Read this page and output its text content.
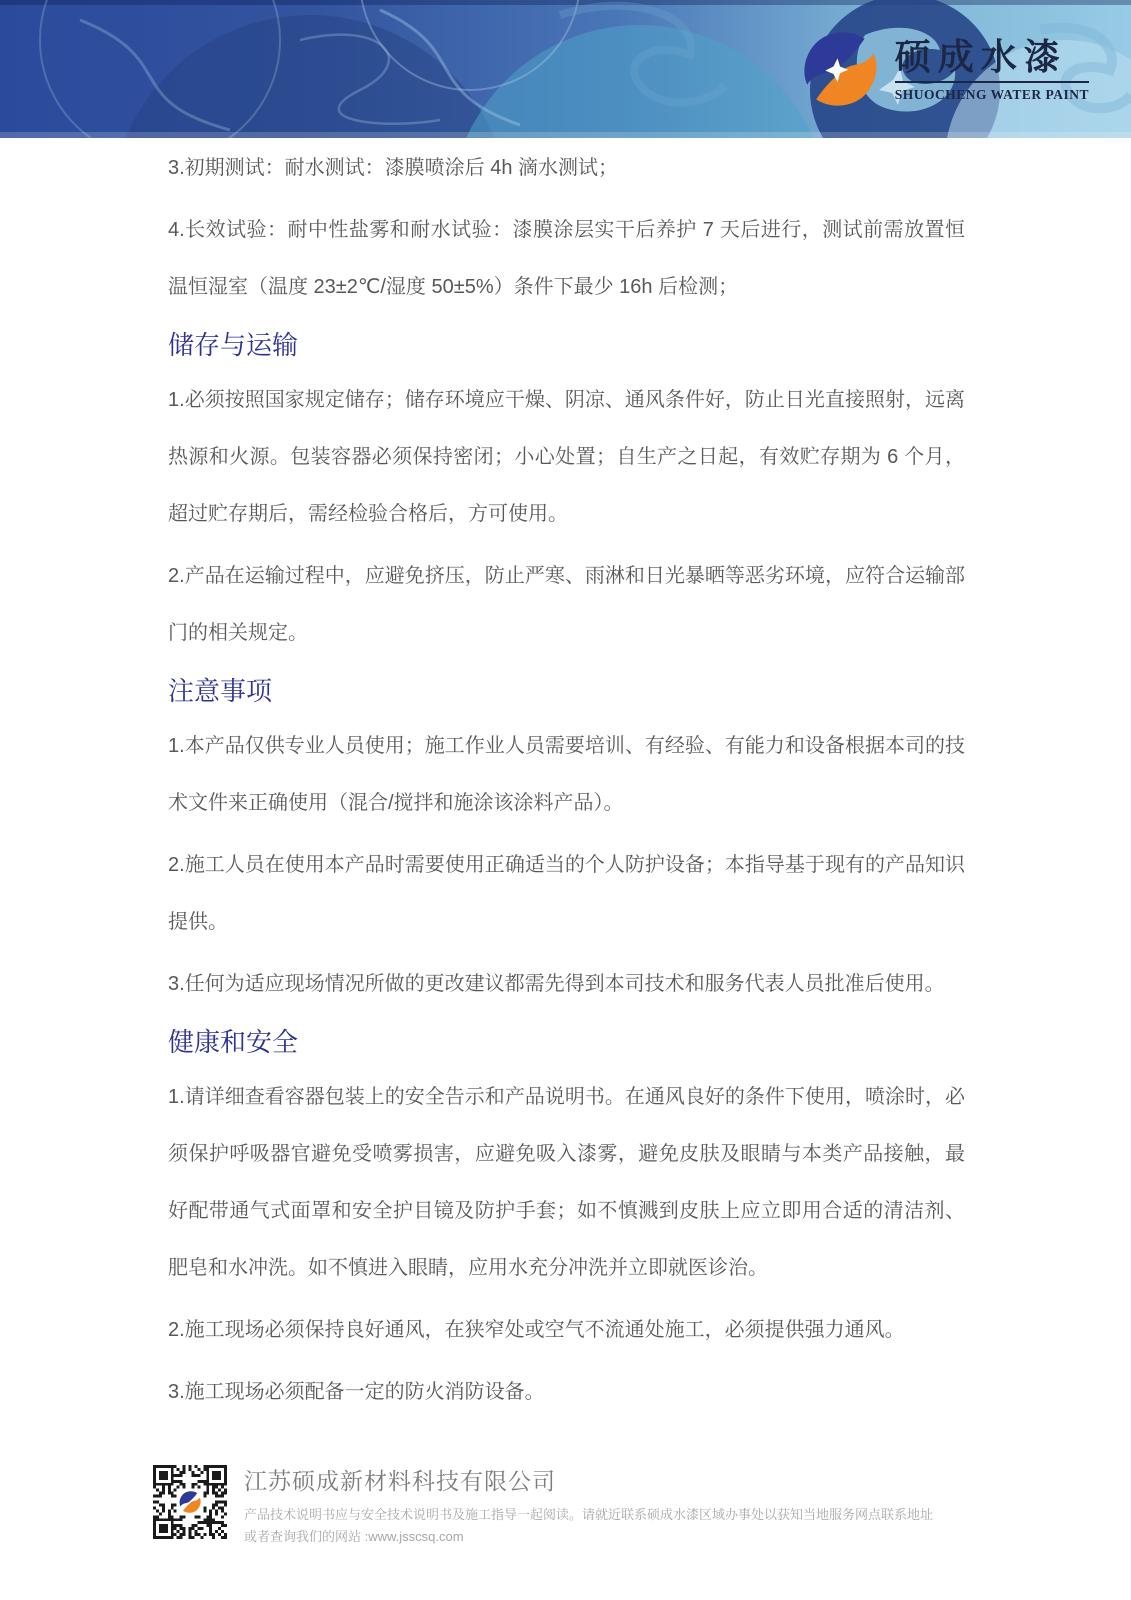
硕成水漆
SHUOCHENG WATER PAINT

3.初期测试：耐水测试：漆膜喷涂后 4h 滴水测试；

4.长效试验：耐中性盐雾和耐水试验：漆膜涂层实干后养护 7 天后进行，测试前需放置恒温恒湿室（温度 23±2℃/湿度 50±5%）条件下最少 16h 后检测；

储存与运输

1.必须按照国家规定储存；储存环境应干燥、阴凉、通风条件好，防止日光直接照射，远离热源和火源。包装容器必须保持密闭；小心处置；自生产之日起，有效贮存期为 6 个月，超过贮存期后，需经检验合格后，方可使用。

2.产品在运输过程中，应避免挤压，防止严寒、雨淋和日光暴晒等恶劣环境，应符合运输部门的相关规定。

注意事项

1.本产品仅供专业人员使用；施工作业人员需要培训、有经验、有能力和设备根据本司的技术文件来正确使用（混合/搅拌和施涂该涂料产品）。

2.施工人员在使用本产品时需要使用正确适当的个人防护设备；本指导基于现有的产品知识提供。

3.任何为适应现场情况所做的更改建议都需先得到本司技术和服务代表人员批准后使用。

健康和安全

1.请详细查看容器包装上的安全告示和产品说明书。在通风良好的条件下使用，喷涂时，必须保护呼吸器官避免受喷雾损害，应避免吸入漆雾，避免皮肤及眼睛与本类产品接触，最好配带通气式面罩和安全护目镜及防护手套；如不慎溅到皮肤上应立即用合适的清洁剂、肥皂和水冲洗。如不慎进入眼睛，应用水充分冲洗并立即就医诊治。

2.施工现场必须保持良好通风，在狭窄处或空气不流通处施工，必须提供强力通风。

3.施工现场必须配备一定的防火消防设备。

江苏硕成新材料科技有限公司
产品技术说明书应与安全技术说明书及施工指导一起阅读。请就近联系硕成水漆区域办事处以获知当地服务网点联系地址
或者查询我们的网站 :www.jsscsq.com
